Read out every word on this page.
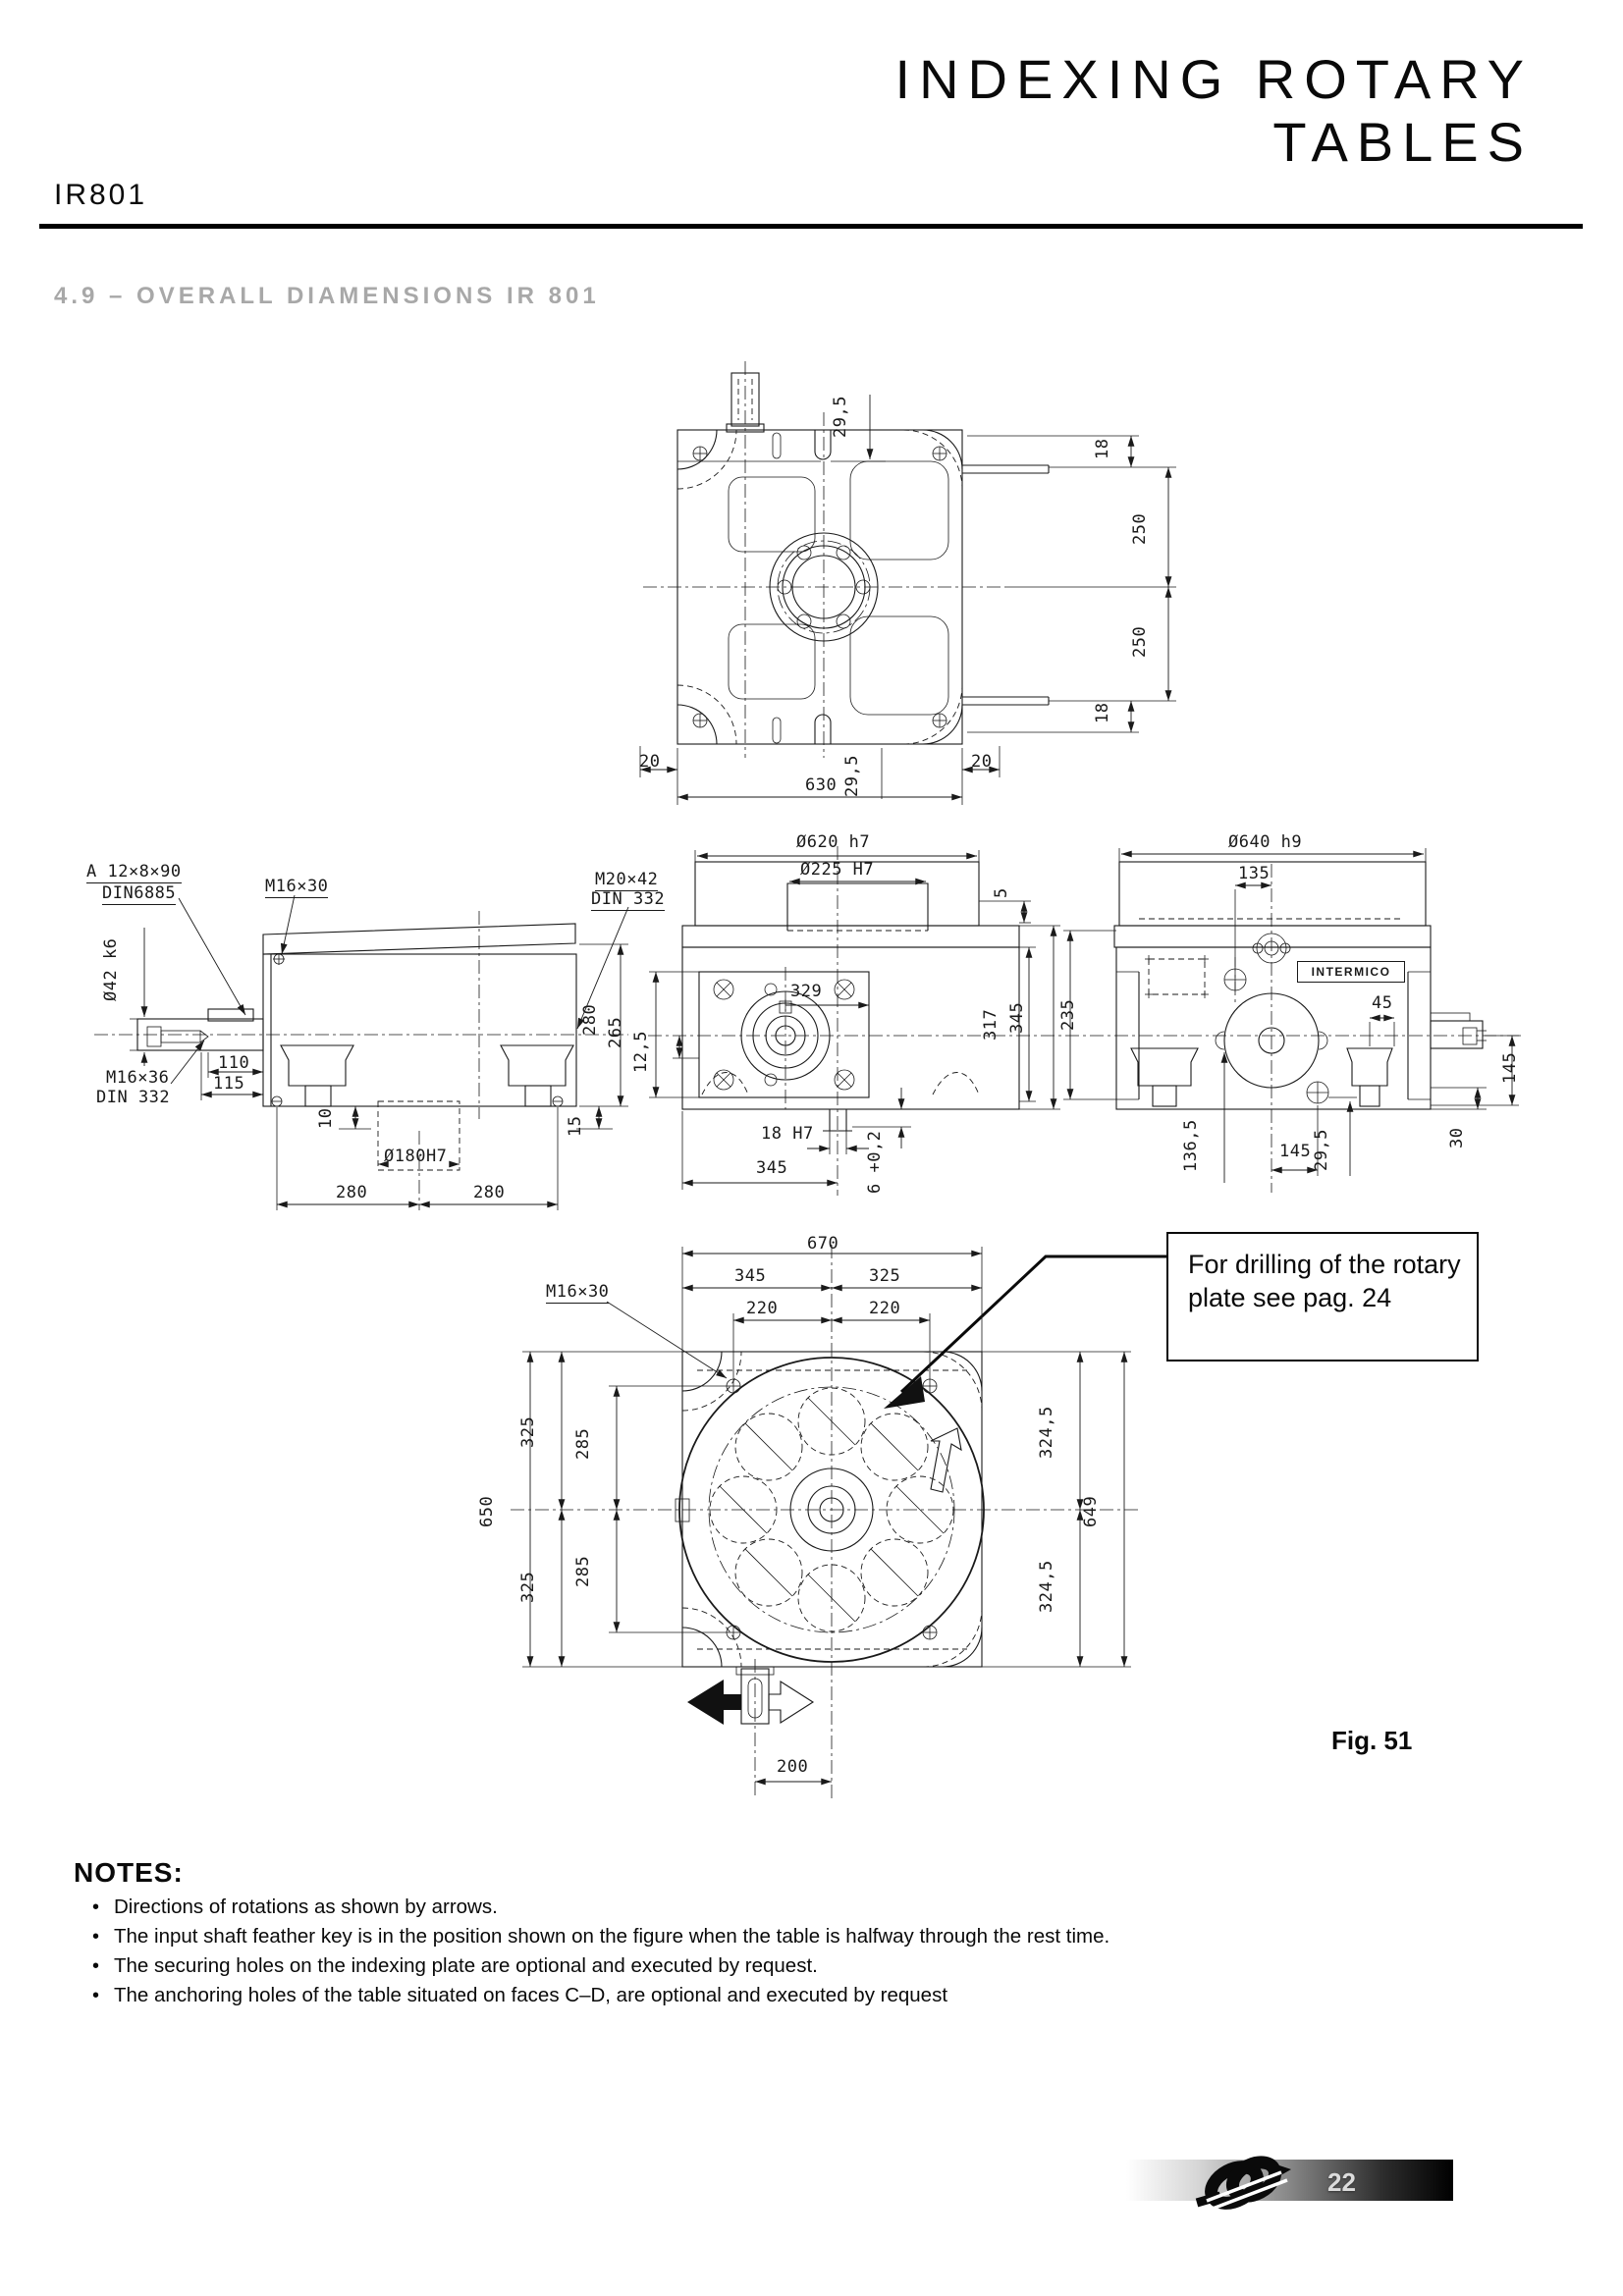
INDEXING ROTARY
TABLES
IR801
4.9 – OVERALL DIAMENSIONS IR 801
29,5
18
250
250
18
20
630 29,5	20
A 12×8×90
DIN6885	M16×30
Ø42 k6
M16×36
DIN 332
110
115
280
10
Ø180H7
280	280
15
M20×42
DIN 332
Ø620 h7
Ø225 H7
5
329
265 12,5
317 345 235
18 H7
345	6 +0,2
Ø640 h9
135
45
145
136,5	145 29,5	30
INTERMICO
670
345	325
220	220
M16×30
650
325 285
285
325
324,5
649
324,5
200
For drilling of the rotary
plate see pag. 24
Fig. 51
NOTES:
• Directions of rotations as shown by arrows.
• The input shaft feather key is in the position shown on the figure when the table is halfway through the rest time.
• The securing holes on the indexing plate are optional and executed by request.
• The anchoring holes of the table situated on faces C–D, are optional and executed by request
22
